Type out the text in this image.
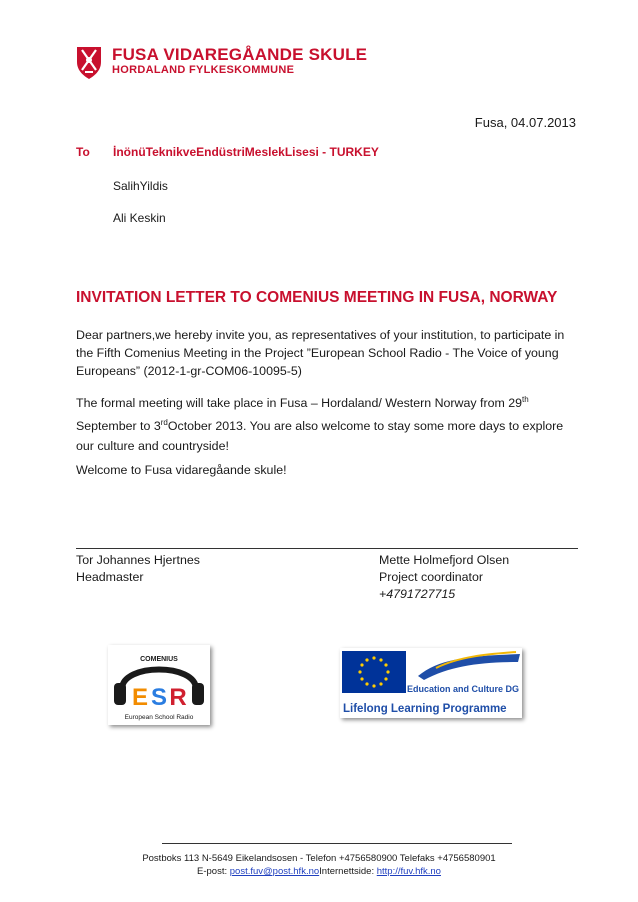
FUSA VIDAREGÅANDE SKULE
HORDALAND FYLKESKOMMUNE
Fusa, 04.07.2013
To İnönüTeknikveEndüstriMeslekLisesi - TURKEY
SalihYildis
Ali Keskin
INVITATION LETTER TO COMENIUS MEETING IN FUSA, NORWAY
Dear partners,we hereby invite you, as representatives of your institution, to participate in the Fifth Comenius Meeting in the Project ”European School Radio - The Voice of young Europeans” (2012-1-gr-COM06-10095-5)
The formal meeting will take place in Fusa – Hordaland/ Western Norway from 29th September to 3rdOctober 2013. You are also welcome to stay some more days to explore our culture and countryside!
Welcome to Fusa vidaregåande skule!
Tor Johannes Hjertnes
Headmaster
Mette Holmefjord Olsen
Project coordinator
+4791727715
COMENIUS
E S R
European School Radio
Education and Culture DG
Lifelong Learning Programme
Postboks 113 N-5649 Eikelandsosen - Telefon +4756580900 Telefaks +4756580901
E-post: post.fuv@post.hfk.noInternettside: http://fuv.hfk.no
